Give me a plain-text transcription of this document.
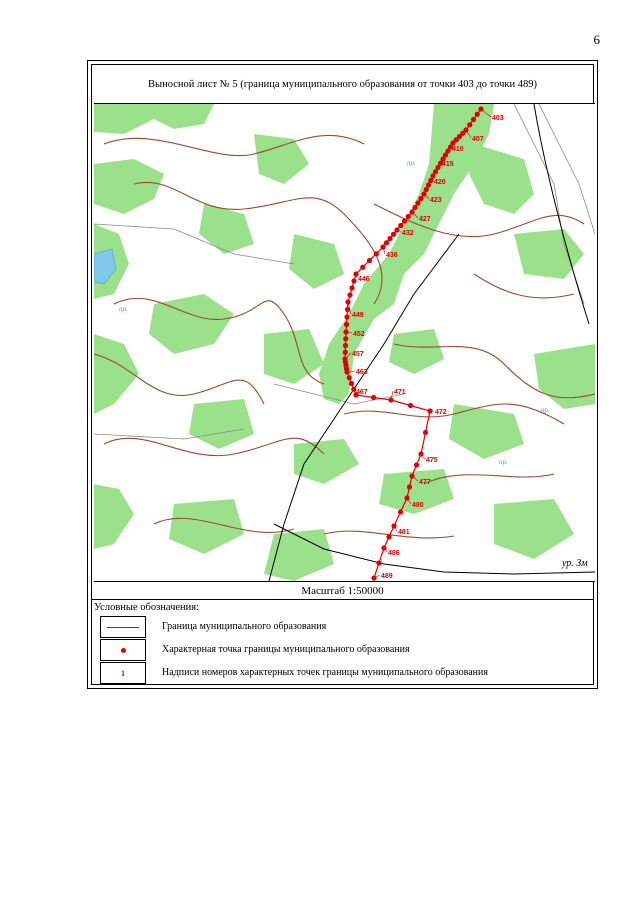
6
Выносной лист № 5 (граница муниципального образования от точки 403 до точки 489)
403
407
410
415
420
423
427
432
436
446
449
452
457
463
467	471
472
475
477
480
481
486
489
пр.
пр.
пр.
пр.
ур. Зм
Масштаб 1:50000
Условные обозначения:
Граница муниципального образования
Характерная точка границы муниципального образования
1	Надписи номеров характерных точек границы муниципального образования
